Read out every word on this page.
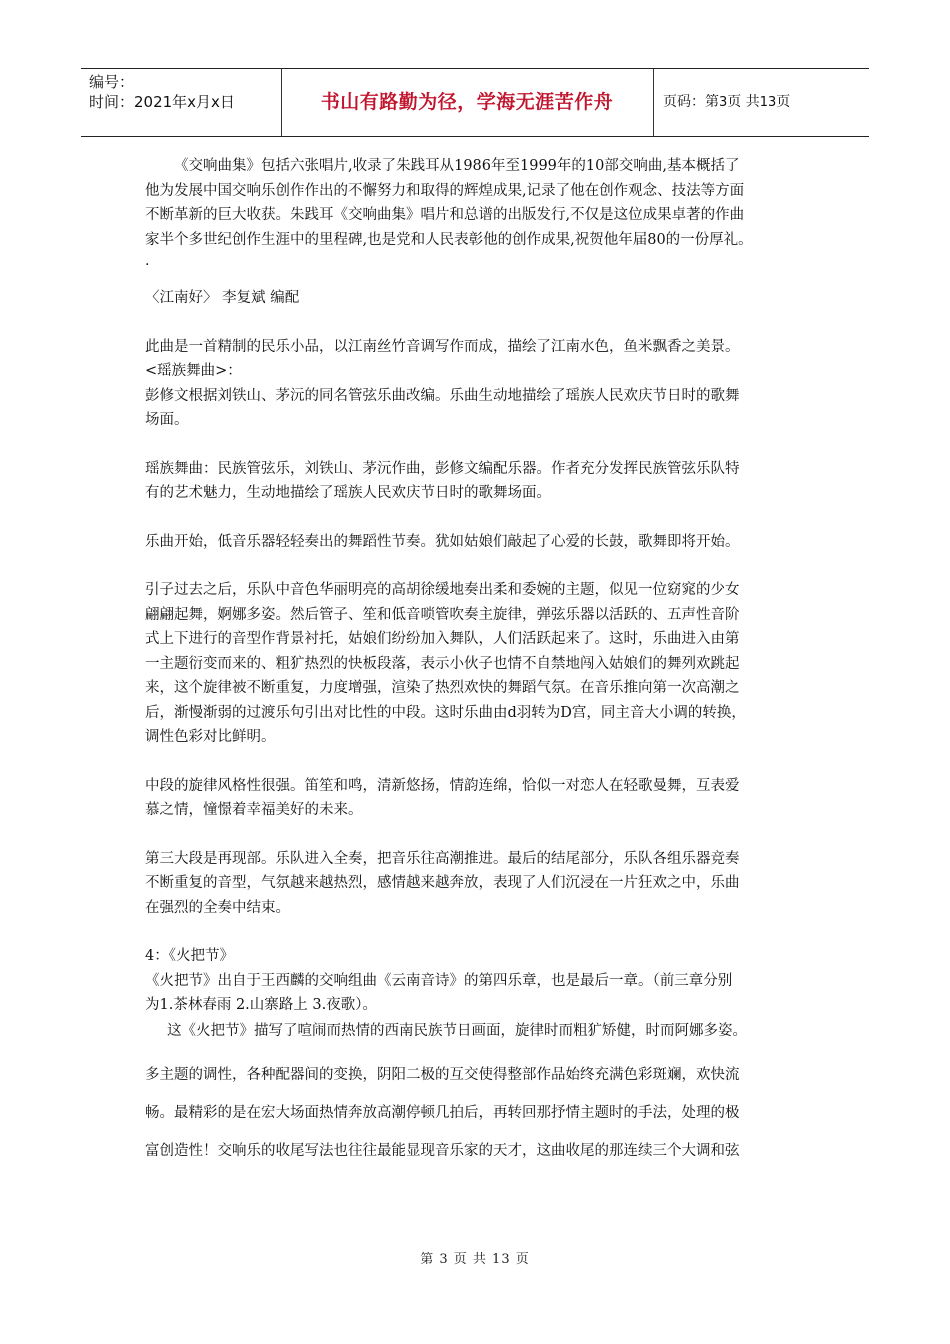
编号：
时间：2021年x月x日	书山有路勤为径，学海无涯苦作舟	页码：第3页 共13页
《交响曲集》包括六张唱片,收录了朱践耳从1986年至1999年的10部交响曲,基本概括了
他为发展中国交响乐创作作出的不懈努力和取得的辉煌成果,记录了他在创作观念、技法等方面
不断革新的巨大收获。朱践耳《交响曲集》唱片和总谱的出版发行,不仅是这位成果卓著的作曲
家半个多世纪创作生涯中的里程碑,也是党和人民表彰他的创作成果,祝贺他年届80的一份厚礼。
.
〈江南好〉 李复斌 编配
此曲是一首精制的民乐小品，以江南丝竹音调写作而成，描绘了江南水色，鱼米飘香之美景。
<瑶族舞曲>：
彭修文根据刘铁山、茅沅的同名管弦乐曲改编。乐曲生动地描绘了瑶族人民欢庆节日时的歌舞
场面。
瑶族舞曲：民族管弦乐，刘铁山、茅沅作曲，彭修文编配乐器。作者充分发挥民族管弦乐队特
有的艺术魅力，生动地描绘了瑶族人民欢庆节日时的歌舞场面。
乐曲开始，低音乐器轻轻奏出的舞蹈性节奏。犹如姑娘们敲起了心爱的长鼓，歌舞即将开始。
引子过去之后，乐队中音色华丽明亮的高胡徐缓地奏出柔和委婉的主题，似见一位窈窕的少女
翩翩起舞，婀娜多姿。然后管子、笙和低音唢管吹奏主旋律，弹弦乐器以活跃的、五声性音阶
式上下进行的音型作背景衬托，姑娘们纷纷加入舞队，人们活跃起来了。这时，乐曲进入由第
一主题衍变而来的、粗犷热烈的快板段落，表示小伙子也情不自禁地闯入姑娘们的舞列欢跳起
来，这个旋律被不断重复，力度增强，渲染了热烈欢快的舞蹈气氛。在音乐推向第一次高潮之
后，渐慢渐弱的过渡乐句引出对比性的中段。这时乐曲由d羽转为D宫，同主音大小调的转换，
调性色彩对比鲜明。
中段的旋律风格性很强。笛笙和鸣，清新悠扬，情韵连绵，恰似一对恋人在轻歌曼舞，互表爱
慕之情，憧憬着幸福美好的未来。
第三大段是再现部。乐队进入全奏，把音乐往高潮推进。最后的结尾部分，乐队各组乐器竞奏
不断重复的音型，气氛越来越热烈，感情越来越奔放，表现了人们沉浸在一片狂欢之中，乐曲
在强烈的全奏中结束。
4：《火把节》
《火把节》出自于王西麟的交响组曲《云南音诗》的第四乐章，也是最后一章。（前三章分别
为1.茶林春雨 2.山寨路上 3.夜歌）。
这《火把节》描写了喧闹而热情的西南民族节日画面，旋律时而粗犷矫健，时而阿娜多姿。
多主题的调性，各种配器间的变换，阴阳二极的互交使得整部作品始终充满色彩斑斓，欢快流
畅。最精彩的是在宏大场面热情奔放高潮停顿几拍后，再转回那抒情主题时的手法，处理的极
富创造性！交响乐的收尾写法也往往最能显现音乐家的天才，这曲收尾的那连续三个大调和弦
第 3 页 共 13 页
